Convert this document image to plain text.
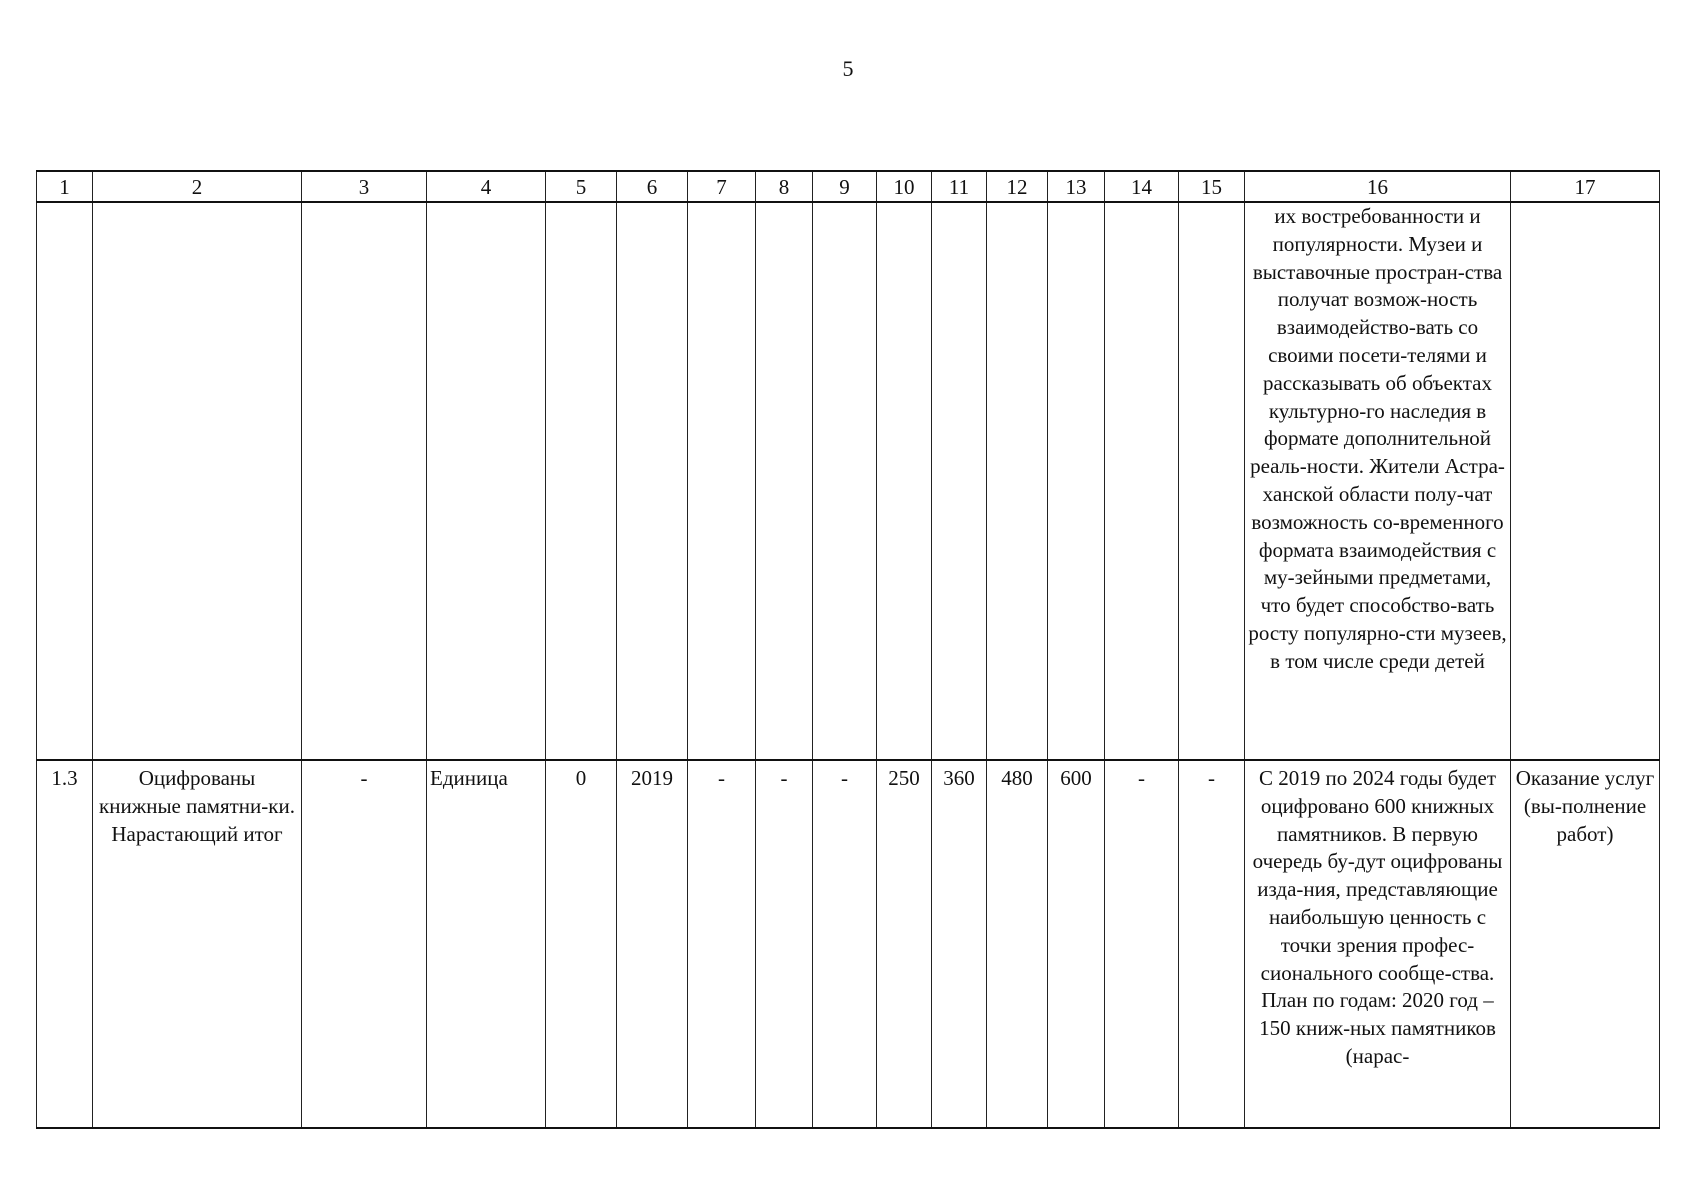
5
1	2	3	4	5	6	7	8	9	10	11	12	13	14	15	16	17
															их востребованности и популярности. Музеи и выставочные простран-ства получат возмож-ность взаимодейство-вать со своими посети-телями и рассказывать об объектах культурно-го наследия в формате дополнительной реаль-ности. Жители Астра-ханской области полу-чат возможность со-временного формата взаимодействия с му-зейными предметами, что будет способство-вать росту популярно-сти музеев, в том числе среди детей	
1.3	Оцифрованы книжные памятни-ки. Нарастающий итог	-	Единица	0	2019	-	-	-	250	360	480	600	-	-	С 2019 по 2024 годы будет оцифровано 600 книжных памятников. В первую очередь бу-дут оцифрованы изда-ния, представляющие наибольшую ценность с точки зрения профес-сионального сообще-ства. План по годам: 2020 год – 150 книж-ных памятников (нарас-	Оказание услуг (вы-полнение работ)
